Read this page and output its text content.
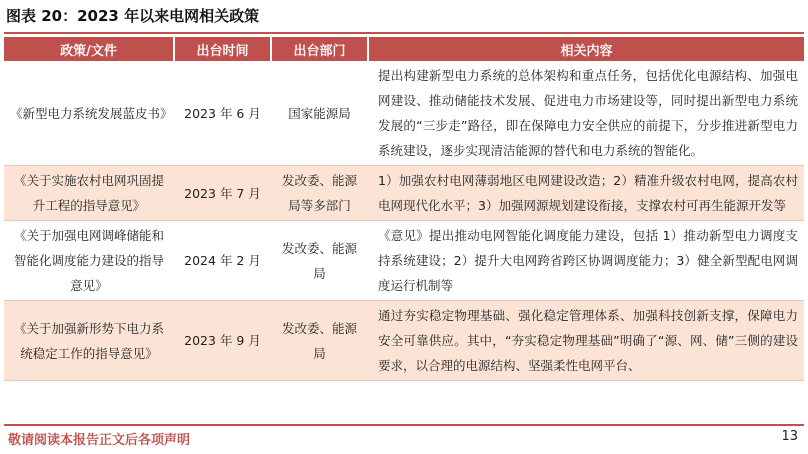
图表 20：2023 年以来电网相关政策
政策/文件	出台时间	出台部门	相关内容
《新型电力系统发展蓝皮书》	2023 年 6 月	国家能源局	提出构建新型电力系统的总体架构和重点任务，包括优化电源结构、加强电网建设、推动储能技术发展、促进电力市场建设等，同时提出新型电力系统发展的“三步走”路径，即在保障电力安全供应的前提下，分步推进新型电力系统建设，逐步实现清洁能源的替代和电力系统的智能化。
《关于实施农村电网巩固提升工程的指导意见》	2023 年 7 月	发改委、能源局等多部门	1）加强农村电网薄弱地区电网建设改造；2）精准升级农村电网，提高农村电网现代化水平；3）加强网源规划建设衔接，支撑农村可再生能源开发等
《关于加强电网调峰储能和智能化调度能力建设的指导意见》	2024 年 2 月	发改委、能源局	《意见》提出推动电网智能化调度能力建设，包括 1）推动新型电力调度支持系统建设；2）提升大电网跨省跨区协调调度能力；3）健全新型配电网调度运行机制等
《关于加强新形势下电力系统稳定工作的指导意见》	2023 年 9 月	发改委、能源局	通过夯实稳定物理基础、强化稳定管理体系、加强科技创新支撑，保障电力安全可靠供应。其中，“夯实稳定物理基础”明确了“源、网、储”三侧的建设要求，以合理的电源结构、坚强柔性电网平台、
敬请阅读本报告正文后各项声明	13
